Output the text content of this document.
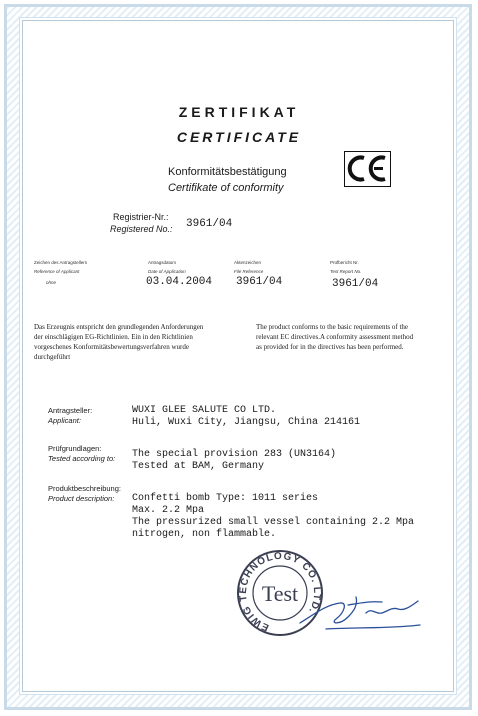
ZERTIFIKAT
CERTIFICATE
Konformitätsbestätigung
Certifikate of conformity
Registrier-Nr.:
Registered No.: 3961/04
Zeichen des Antragstellers
Reference of Applicant
ohne
Antragsdatum
Date of Application
03.04.2004
Aktenzeichen
File Reference
3961/04
Prüfbericht Nr.
Test Report No.
3961/04
Das Erzeugnis entspricht den grundlegenden Anforderungen
der einschlägigen EG-Richtlinien. Ein in den Richtlinien
vorgeschenes Konformitätsbewertungsverfahren wurde
durchgeführt
The product conforms to the basic requirements of the
relevant EC directives.A conformity assessment method
as provided for in the directives has been performed.
Antragsteller:
Applicant:
WUXI GLEE SALUTE CO LTD.
Huli, Wuxi City, Jiangsu, China 214161
Prüfgrundlagen:
Tested according to: The special provision 283 (UN3164)
Tested at BAM, Germany
Produktbeschreibung:
Product description: Confetti bomb Type: 1011 series
Max. 2.2 Mpa
The pressurized small vessel containing 2.2 Mpa
nitrogen, non flammable.
EWIG TECHNOLOGY CO. LTD.
Test
